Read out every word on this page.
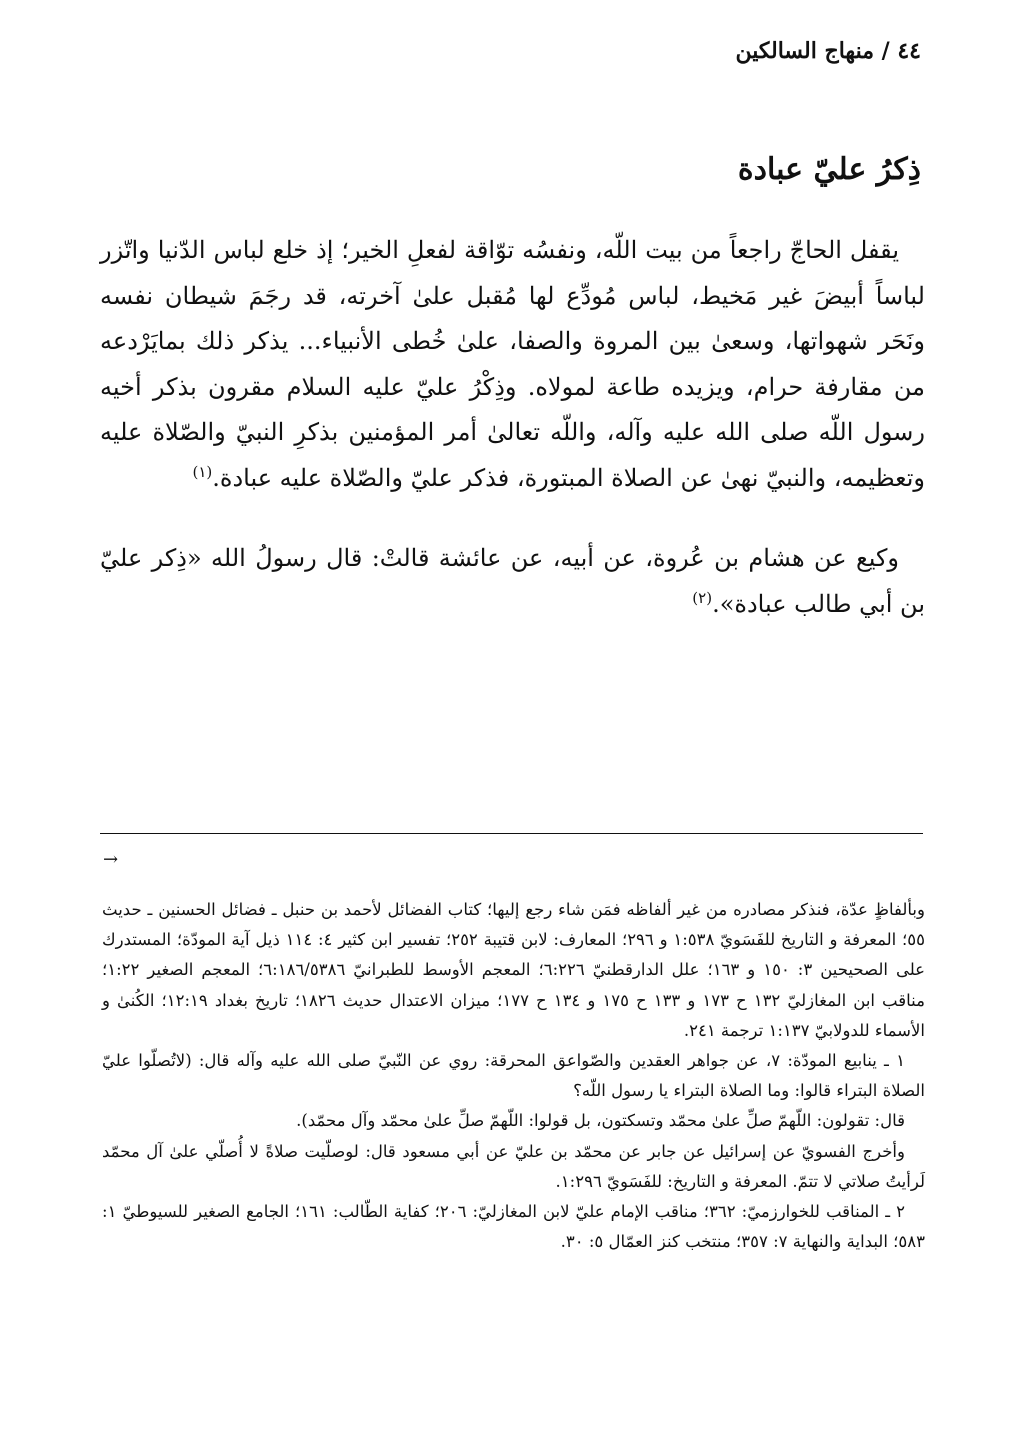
٤٤ / منهاج السالكين
ذِكرُ عليّ عبادة

يقفل الحاجّ راجعاً من بيت اللّه، ونفسُه توّاقة لفعلِ الخير؛ إذ خلع لباس الدّنيا واتّزر لباساً أبيضَ غير مَخيط، لباس مُودِّع لها مُقبل علىٰ آخرته، قد رجَمَ شيطان نفسه ونَحَر شهواتها، وسعىٰ بين المروة والصفا، علىٰ خُطى الأنبياء... يذكر ذلك بمايَرْدعه من مقارفة حرام، ويزيده طاعة لمولاه. وذِكْرُ عليّ عليه السلام مقرون بذكر أخيه رسول اللّه صلى الله عليه وآله، واللّه تعالىٰ أمر المؤمنين بذكرِ النبيّ والصّلاة عليه وتعظيمه، والنبيّ نهىٰ عن الصلاة المبتورة، فذكر عليّ والصّلاة عليه عبادة.$^{(١)}$

وكيع عن هشام بن عُروة، عن أبيه، عن عائشة قالتْ: قال رسولُ الله «ذِكر عليّ بن أبي طالب عبادة».$^{(٢)}$

→

وبألفاظٍ عدّة، فنذكر مصادره من غير ألفاظه فمَن شاء رجع إليها؛ كتاب الفضائل لأحمد بن حنبل ـ فضائل الحسنين ـ حديث ٥٥؛ المعرفة و التاريخ للفَسَويّ ١:٥٣٨ و ٢٩٦؛ المعارف: لابن قتيبة ٢٥٢؛ تفسير ابن كثير ٤: ١١٤ ذيل آية المودّة؛ المستدرك على الصحيحين ٣: ١٥٠ و ١٦٣؛ علل الدارقطنيّ ٦:٢٢٦؛ المعجم الأوسط للطبرانيّ ٦:١٨٦/٥٣٨٦؛ المعجم الصغير ١:٢٢؛ مناقب ابن المغازليّ ١٣٢ ح ١٧٣ و ١٣٣ ح ١٧٥ و ١٣٤ ح ١٧٧؛ ميزان الاعتدال حديث ١٨٢٦؛ تاريخ بغداد ١٢:١٩؛ الكُنىٰ و الأسماء للدولابيّ ١:١٣٧ ترجمة ٢٤١.

١ ـ ينابيع المودّة: ٧، عن جواهر العقدين والصّواعق المحرقة: روي عن النّبيّ صلى الله عليه وآله قال: (لاتُصلّوا عليّ الصلاة البتراء قالوا: وما الصلاة البتراء يا رسول اللّه؟

قال: تقولون: اللّهمّ صلِّ علىٰ محمّد وتسكتون، بل قولوا: اللّهمّ صلِّ علىٰ محمّد وآل محمّد).

وأخرج الفسويّ عن إسرائيل عن جابر عن محمّد بن عليّ عن أبي مسعود قال: لوصلّيت صلاةً لا أُصلّي علىٰ آل محمّد لَرأيتُ صلاتي لا تتمّ. المعرفة و التاريخ: للفَسَويّ ١:٢٩٦.

٢ ـ المناقب للخوارزميّ: ٣٦٢؛ مناقب الإمام عليّ لابن المغازليّ: ٢٠٦؛ كفاية الطّالب: ١٦١؛ الجامع الصغير للسيوطيّ ١: ٥٨٣؛ البداية والنهاية ٧: ٣٥٧؛ منتخب كنز العمّال ٥: ٣٠.
